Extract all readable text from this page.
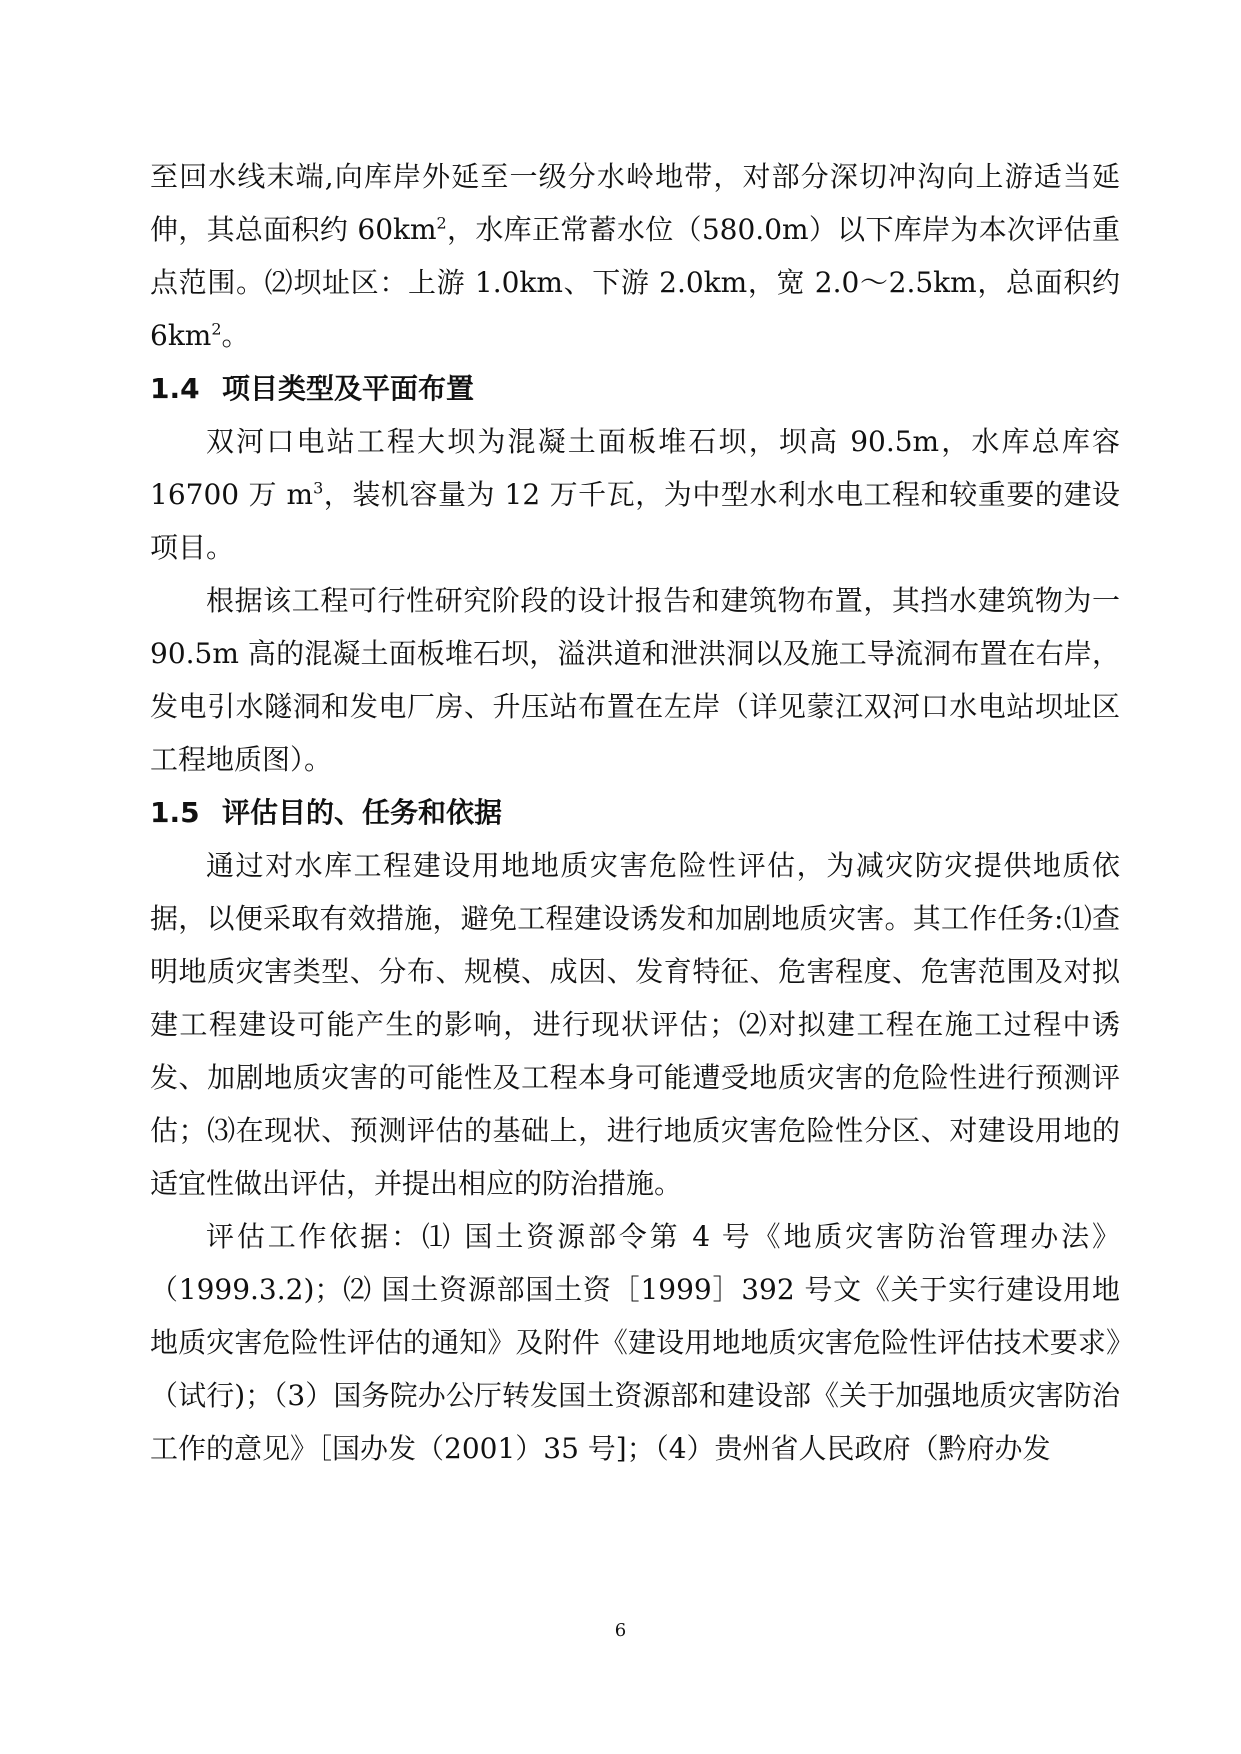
至回水线末端,向库岸外延至一级分水岭地带，对部分深切冲沟向上游适当延伸，其总面积约 $60km^2$，水库正常蓄水位（580.0m）以下库岸为本次评估重点范围。⑵坝址区：上游 1.0km、下游 2.0km，宽 2.0～2.5km，总面积约 $6km^2$。

1.4 项目类型及平面布置

双河口电站工程大坝为混凝土面板堆石坝，坝高 90.5m，水库总库容 16700 万 $m^3$，装机容量为 12 万千瓦，为中型水利水电工程和较重要的建设项目。

根据该工程可行性研究阶段的设计报告和建筑物布置，其挡水建筑物为一 90.5m 高的混凝土面板堆石坝，溢洪道和泄洪洞以及施工导流洞布置在右岸，发电引水隧洞和发电厂房、升压站布置在左岸（详见蒙江双河口水电站坝址区工程地质图）。

1.5 评估目的、任务和依据

通过对水库工程建设用地地质灾害危险性评估，为减灾防灾提供地质依据，以便采取有效措施，避免工程建设诱发和加剧地质灾害。其工作任务:⑴查明地质灾害类型、分布、规模、成因、发育特征、危害程度、危害范围及对拟建工程建设可能产生的影响，进行现状评估；⑵对拟建工程在施工过程中诱发、加剧地质灾害的可能性及工程本身可能遭受地质灾害的危险性进行预测评估；⑶在现状、预测评估的基础上，进行地质灾害危险性分区、对建设用地的适宜性做出评估，并提出相应的防治措施。

评估工作依据：⑴ 国土资源部令第 4 号《地质灾害防治管理办法》（1999.3.2)；⑵ 国土资源部国土资［1999］392 号文《关于实行建设用地地质灾害危险性评估的通知》及附件《建设用地地质灾害危险性评估技术要求》（试行)；（3）国务院办公厅转发国土资源部和建设部《关于加强地质灾害防治工作的意见》［国办发（2001）35 号]；（4）贵州省人民政府（黔府办发

6
